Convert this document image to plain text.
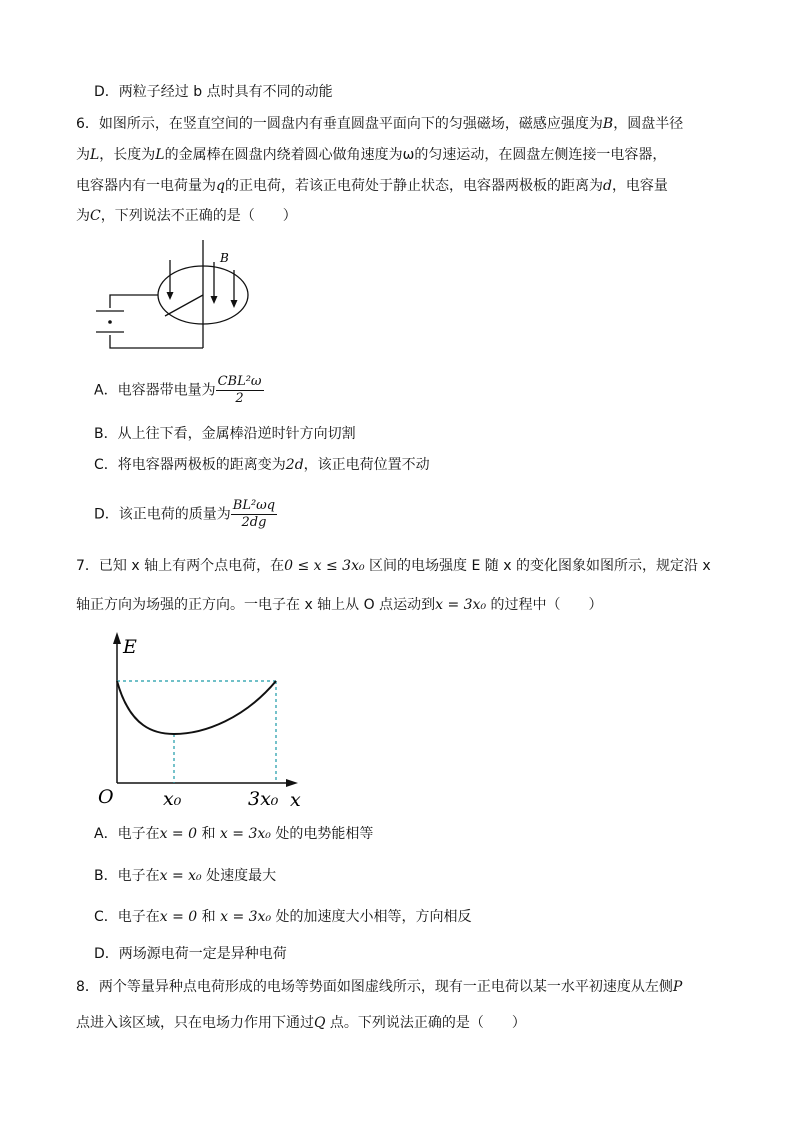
D．两粒子经过 b 点时具有不同的动能
6．如图所示，在竖直空间的一圆盘内有垂直圆盘平面向下的匀强磁场，磁感应强度为B，圆盘半径
为L，长度为L的金属棒在圆盘内绕着圆心做角速度为ω的匀速运动，在圆盘左侧连接一电容器，
电容器内有一电荷量为q的正电荷，若该正电荷处于静止状态，电容器两极板的距离为d，电容量
为C，下列说法不正确的是（　　）
B
A．电容器带电量为 $\frac{\text{CBL²ω}}{2}$
B．从上往下看，金属棒沿逆时针方向切割
C．将电容器两极板的距离变为2d，该正电荷位置不动
D．该正电荷的质量为 $\frac{\text{BL²ωq}}{2dg}$
7．已知 x 轴上有两个点电荷，在0 ≤ x ≤ 3x₀ 区间的电场强度 E 随 x 的变化图象如图所示，规定沿 x
轴正方向为场强的正方向。一电子在 x 轴上从 O 点运动到x = 3x₀ 的过程中（　　）
E
O	x₀	3x₀ x
A．电子在x = 0 和 x = 3x₀ 处的电势能相等
B．电子在x = x₀ 处速度最大
C．电子在x = 0 和 x = 3x₀ 处的加速度大小相等，方向相反
D．两场源电荷一定是异种电荷
8．两个等量异种点电荷形成的电场等势面如图虚线所示，现有一正电荷以某一水平初速度从左侧P
点进入该区域，只在电场力作用下通过Q 点。下列说法正确的是（　　）
